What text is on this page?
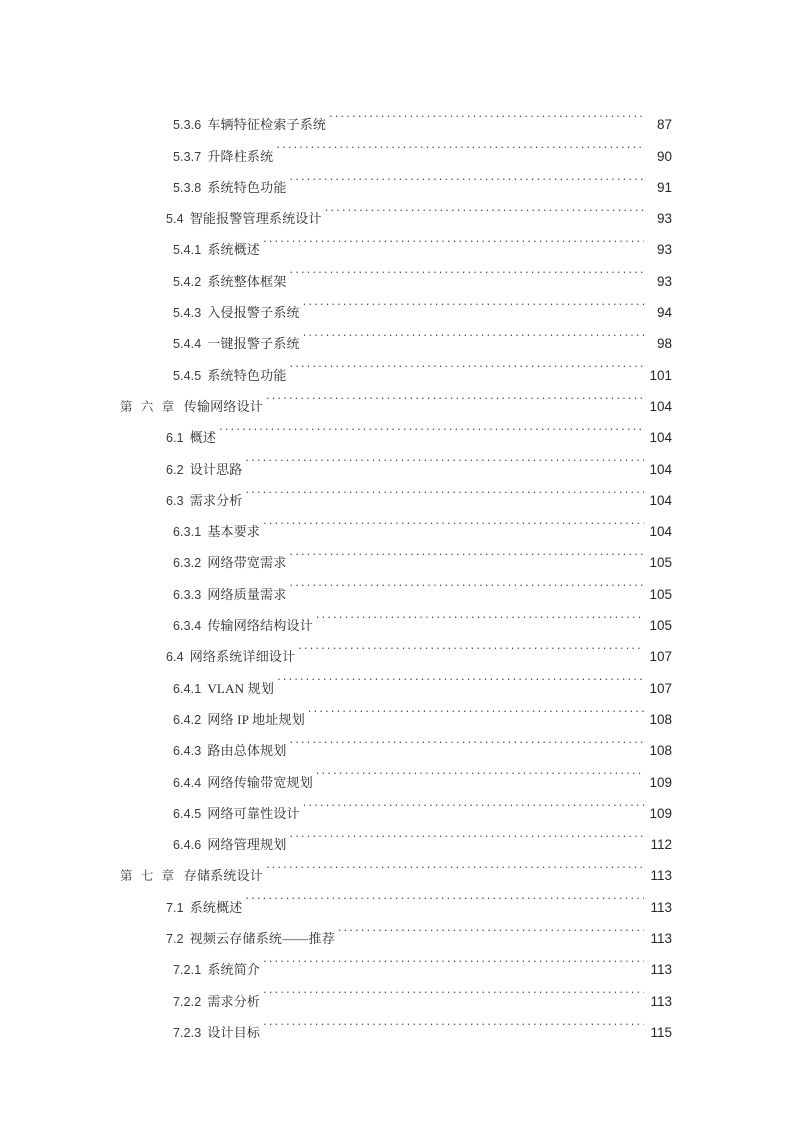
5.3.6 车辆特征检索子系统 . . .	87
5.3.7 升降柱系统 . . .	90
5.3.8 系统特色功能 . . .	91
5.4 智能报警管理系统设计 . . .	93
5.4.1 系统概述 . . .	93
5.4.2 系统整体框架 . . .	93
5.4.3 入侵报警子系统 . . .	94
5.4.4 一键报警子系统 . . .	98
5.4.5 系统特色功能 . . .	101
第 六 章 传输网络设计 . . .	104
6.1 概述 . . .	104
6.2 设计思路 . . .	104
6.3 需求分析 . . .	104
6.3.1 基本要求 . . .	104
6.3.2 网络带宽需求 . . .	105
6.3.3 网络质量需求 . . .	105
6.3.4 传输网络结构设计 . . .	105
6.4 网络系统详细设计 . . .	107
6.4.1 VLAN 规划 . . .	107
6.4.2 网络 IP 地址规划 . . .	108
6.4.3 路由总体规划 . . .	108
6.4.4 网络传输带宽规划 . . .	109
6.4.5 网络可靠性设计 . . .	109
6.4.6 网络管理规划 . . .	112
第 七 章 存储系统设计 . . .	113
7.1 系统概述 . . .	113
7.2 视频云存储系统——推荐 . . .	113
7.2.1 系统简介 . . .	113
7.2.2 需求分析 . . .	113
7.2.3 设计目标 . . .	115
